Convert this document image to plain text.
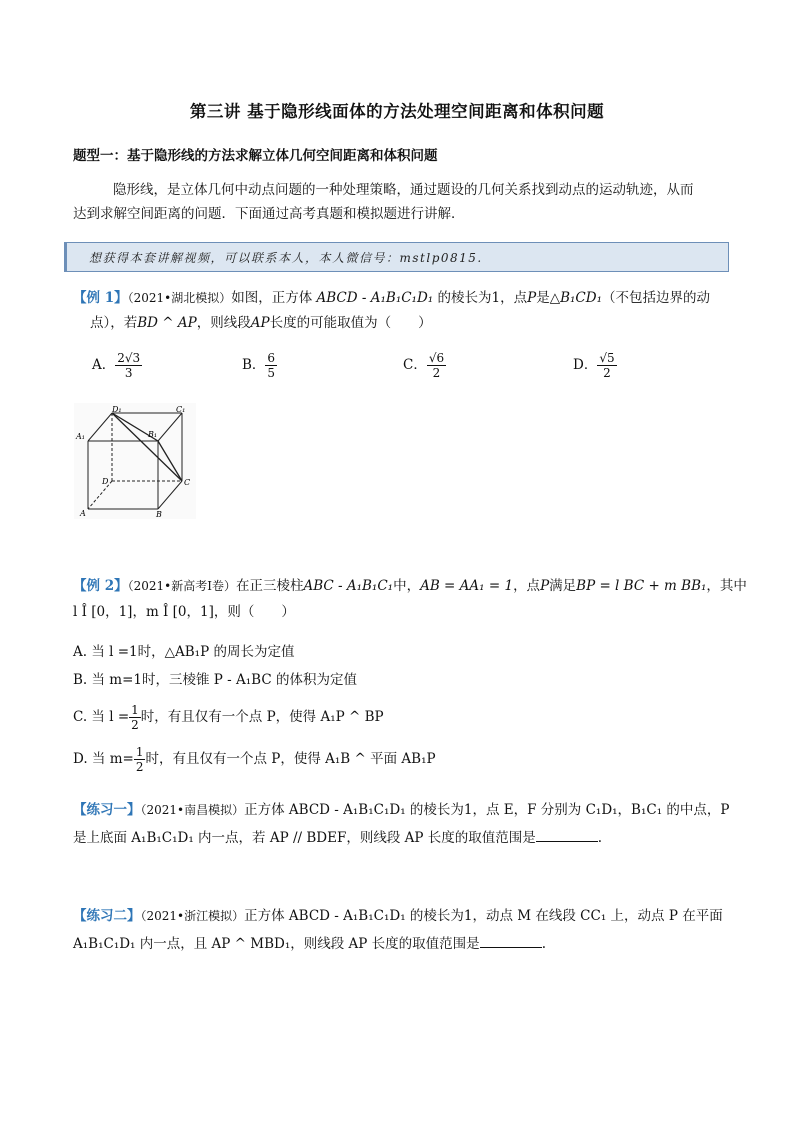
第三讲 基于隐形线面体的方法处理空间距离和体积问题
题型一：基于隐形线的方法求解立体几何空间距离和体积问题
隐形线，是立体几何中动点问题的一种处理策略，通过题设的几何关系找到动点的运动轨迹，从而
达到求解空间距离的问题．下面通过高考真题和模拟题进行讲解．
想获得本套讲解视频，可以联系本人，本人微信号：mstlp0815.
【例 1】（2021•湖北模拟）如图，正方体 ABCD - A₁B₁C₁D₁ 的棱长为1，点P是△B₁CD₁（不包括边界的动
点），若BD ^ AP，则线段AP长度的可能取值为（　　）
A． $\frac{2√3}{3}$	B． $\frac{6}{5}$	C． $\frac{√6}{2}$	D． $\frac{√5}{2}$
D₁	C₁
A₁	B₁
D	C
A	B
【例 2】（2021•新高考Ⅰ卷）在正三棱柱ABC - A₁B₁C₁中，AB = AA₁ = 1，点P满足BP = l BC + m BB₁，其中
l Î [0，1]，m Î [0，1]，则（　　）
A. 当 l =1时，△AB₁P 的周长为定值
B. 当 m=1时，三棱锥 P - A₁BC 的体积为定值
C. 当 $l = \frac{1}{2}$ 时，有且仅有一个点 P，使得 A₁P ^ BP
D. 当 $m= \frac{1}{2}$ 时，有且仅有一个点 P，使得 A₁B ^ 平面 AB₁P
【练习一】（2021•南昌模拟）正方体 ABCD - A₁B₁C₁D₁ 的棱长为1，点 E，F 分别为 C₁D₁，B₁C₁ 的中点，P
是上底面 A₁B₁C₁D₁ 内一点，若 AP // BDEF，则线段 AP 长度的取值范围是	.
【练习二】（2021•浙江模拟）正方体 ABCD - A₁B₁C₁D₁ 的棱长为1，动点 M 在线段 CC₁ 上，动点 P 在平面
A₁B₁C₁D₁ 内一点，且 AP ^ MBD₁，则线段 AP 长度的取值范围是	.
